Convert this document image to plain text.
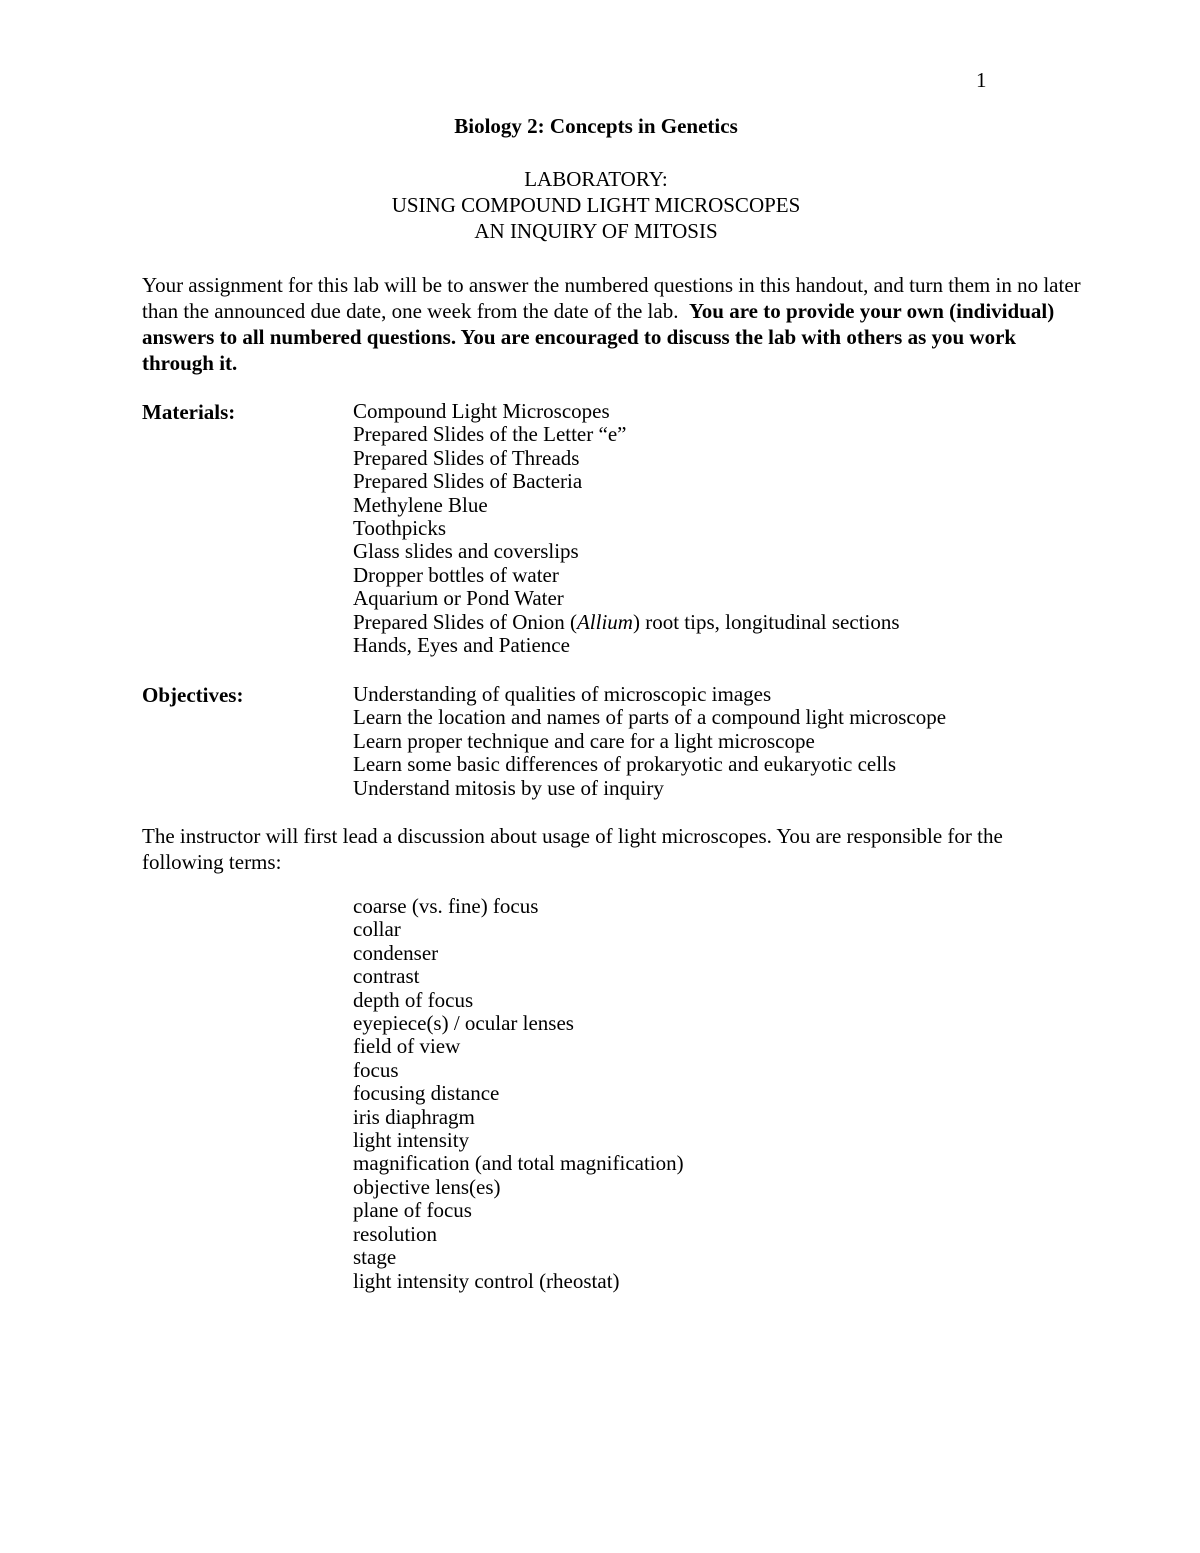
1
Biology 2: Concepts in Genetics
LABORATORY:
USING COMPOUND LIGHT MICROSCOPES
AN INQUIRY OF MITOSIS
Your assignment for this lab will be to answer the numbered questions in this handout, and turn them in no later than the announced due date, one week from the date of the lab. You are to provide your own (individual) answers to all numbered questions. You are encouraged to discuss the lab with others as you work through it.
Materials:	Compound Light Microscopes
Prepared Slides of the Letter “e”
Prepared Slides of Threads
Prepared Slides of Bacteria
Methylene Blue
Toothpicks
Glass slides and coverslips
Dropper bottles of water
Aquarium or Pond Water
Prepared Slides of Onion (Allium) root tips, longitudinal sections
Hands, Eyes and Patience
Objectives:	Understanding of qualities of microscopic images
Learn the location and names of parts of a compound light microscope
Learn proper technique and care for a light microscope
Learn some basic differences of prokaryotic and eukaryotic cells
Understand mitosis by use of inquiry
The instructor will first lead a discussion about usage of light microscopes. You are responsible for the following terms:
coarse (vs. fine) focus
collar
condenser
contrast
depth of focus
eyepiece(s) / ocular lenses
field of view
focus
focusing distance
iris diaphragm
light intensity
magnification (and total magnification)
objective lens(es)
plane of focus
resolution
stage
light intensity control (rheostat)
